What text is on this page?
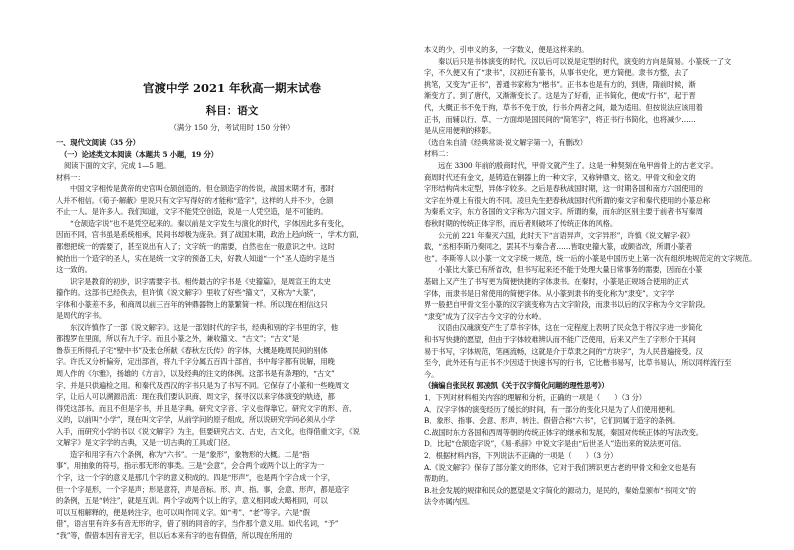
官渡中学 2021 年秋高一期末试卷
科目：语文
（满分 150 分，考试用时 150 分钟）
一、现代文阅读（35 分）
（一）论述类文本阅读（本题共 5 小题，19 分）
阅读下面的文字，完成 1—5 题。
材料一：
中国文字相传是黄帝的史官叫仓颉创造的。但仓颉造字的传说，战国末期才有，那时
人并不相信。《荀子·解蔽》里说只有文字写得好的才能称“造字”，这样的人并不少，仓颉
不止一人。是许多人。我们知道，文字不能凭空创造，说是一人凭空造，是不可能的。
“仓颉造字说”也不是凭空起来的。秦以前是文字发生与演化的时代，字体因此多有变化，
因而不同，官书虽是系统相承，民间书却极为庞杂。到了战国末期，政治上趋向统一，学术方面，
都想把统一的需要了，甚至说出有人了；文字统一的需要，自然也在一般意识之中。这时
候抬出一个造字的圣人，实在是统一文字的预备工夫，好教人知道“一个”圣人造的字是当
这一致的。
识字是教育的初步，识字需要字书。相传最古的字书是《史籀篇》，是周宣王的太史
籀作的。这部书已经佚去，但许慎《说文解字》里收了好些“籀文”，又称为“大篆”，
字体和小篆差不多，和商周以前三百年的钟鼎器物上的篆繁简一样。所以现在相信这只
是周代的字书。
东汉许慎作了一部《说文解字》。这是一部划时代的字书，经典和别的字书里的字，他
都搜罗在里面，所以有九千字。而且小篆之外，兼收籀文、“古文”；“古文”是
鲁恭王所得孔子宅“壁中书”及张仓所献《春秋左氏传》的字体，大概是晚周民间的别体
字。许氏又分析偏旁，定出部首，将九千字分属五百四十部首，书中每字都有说解，用晚
周人作的《尔雅》，扬雄的《方言》，以及经典的注文的体例。这部书是有条理的，“古文”
字、并是只供遍检之用。和秦代及西汉的字书只是为了书写不同。它保存了小篆和一些晚周文
字，让后人可以溯源沿流：现在我们要认识商、周文字，探寻汉以来字体演变的轨迹，都
得凭这部书。而且不但是字书，并且是字典。研究文字音、字义也得靠它。研究文字的形、音、
义的，以前叫“小学”，现在叫文字学，从前学问的原子组成，所以说研究学问必须从小学
入手，而研究小学的书以《说文解字》为主，但要研究古文、古史，古文化，也得借重文字，《说
文解字》是文字学的古典，又是一切古典的工具或门径。
造字和用字有六个条例，称为“六书”。一是“象形”，象物形的大概。二是“指
事”，用抽象的符号，指示那无形的事类。三是“会意”，会合两个或两个以上的字为一
个字，这一个字的意义是那几个字的意义积成的。四是“形声”，也是两个字合成一个字，
但一个字是形，一个字是声；形是意符，声是音标。形、声、指、事，会意、形声，都是造字
的条例，五是“转注”，就是互训。两个字或两个以上的字，意义相同或大略相同，可以
可以互相解释的，便是转注字，也可以叫作同义字。如“考”、“老”等字。六是“假
借”，语言里有许多有音无形的字，借了别的同音的字，当作那个意义用。如代名词，“予”
“我”等，假借本因有音无字，但以后本来有字的也有假借，所以现在所用的
本义的少，引申义的多，一字数义，便是这样来的。
秦以后只是书体演变的时代。汉以后可以说是定型的时代，演变的方向是简易。小篆统一了文
字，不久便又有了“隶书”，汉初还有篆书，从事书史化，更方简便。隶书方整，去了
挑笔，又变为“正书”，普通书家称为“楷书”。正书本也是有方的，到唐，隋前时候，渐
渐变方了。到了唐代，又渐渐变长了。这是为了好看，正书简化，便成“行书”，起于晋
代，大概正书不免于拘，草书不免于放，行书介两者之间，最为适用。但按说法应该用着
正书，而辅以行、草、一方面却是国民间的“简笔字”，将正书行书简化，也将减少……
是从应用便利的移影。
（选自朱自清《经典常谈·说文解字第一》，有删改）
材料二：
远在 3300 年前的殷商时代，甲骨文就产生了。这是一种契刻在龟甲兽骨上的古老文字。
商周时代还有金文，是铸造在铜器上的一种文字，又称钟鼎文、铭文。甲骨文和金文的
字形结构尚未定型，异体字较多。之后是春秋战国时期，这一时期各国和南方六国使用的
文字在外观上有很大的不同。凌旦先生把春秋战国时代所谓的秦文字和秦代使用的小篆总称
为秦系文字，东方各国的文字称为六国文字。所谓的秦，而东的区别主要于前者书写秦周
春秋时期的传统正体字形，而后者则破坏了传统正体的风格。
公元前 221 年秦灭六国，此时天下“言语异声，文字异形”，许慎《说文解字·叙》
载，“丞相李斯乃奏同之，罢其不与秦合者……皆取史籀大篆，或颇省改，所谓小篆者
也”。李斯等人以小篆一文文字统一规范，统一后的小篆是中国历史上第一次有组织地规范定的文字规范。
小篆比大篆已有所省改，但书写起来还不能于处理大量日常事务的需要，因而在小篆
基础上又产生了书写更为简便快捷的字体隶书。在秦时，小篆是正规场合使用的正式
字体，而隶书是日常使用的简便字体。从小篆到隶书的变化称为“隶变”。文字学
界一般把自甲骨文至小篆的汉字演变称为古文字阶段，而隶书以后的汉字称为今文字阶段。
“隶变”成为了汉字古今文字的分水岭。
汉语由汉魂演变产生了草书字体，这在一定程度上表明了民众急于将汉字进一步简化
和书写快捷的愿望，但由于字体较难辨认而不能广泛使用，后来又产生了字形介于其间
易于书写，字体规范，笔画流畅，这就是介于草隶之间的“方块字”，为人民普遍接受。汉
至今，此外还有与正书不少因适于快速书写的行书，它比楷书易写，比草书易认，所以同样流行至
今。
（摘编自张民权 郭凌凯《关于汉字简化问题的理性思考》）
1．下列对材料相关内容的理解和分析，正确的一项是（　　）（3 分）
A．汉字字体的演变经历了缓长的时间，有一部分的变化只是为了人们使用便利。
B．象形、指事、会意、形声、转注、假借合称“六书”，它们同属于造字的条例。
C.战国时东方各国和西周等朝的传统正体字的继承和发展，秦国对传统正体的写法改变。
D．比起“仓颉造字说”，《易·系辞》中说文字是由“后世圣人”造出来的说法更可信。
2．根据材料内容，下列说法不正确的一项是（　　）（3 分）
A.《说文解字》保存了部分篆文的形体，它对于我们辨识更古老的甲骨文和金文也是有
帮助的。
B.社会发展的规律和民众的愿望是文字简化的源动力，是民的，秦始皇颁布“书同文”的
法令亦属内因。
